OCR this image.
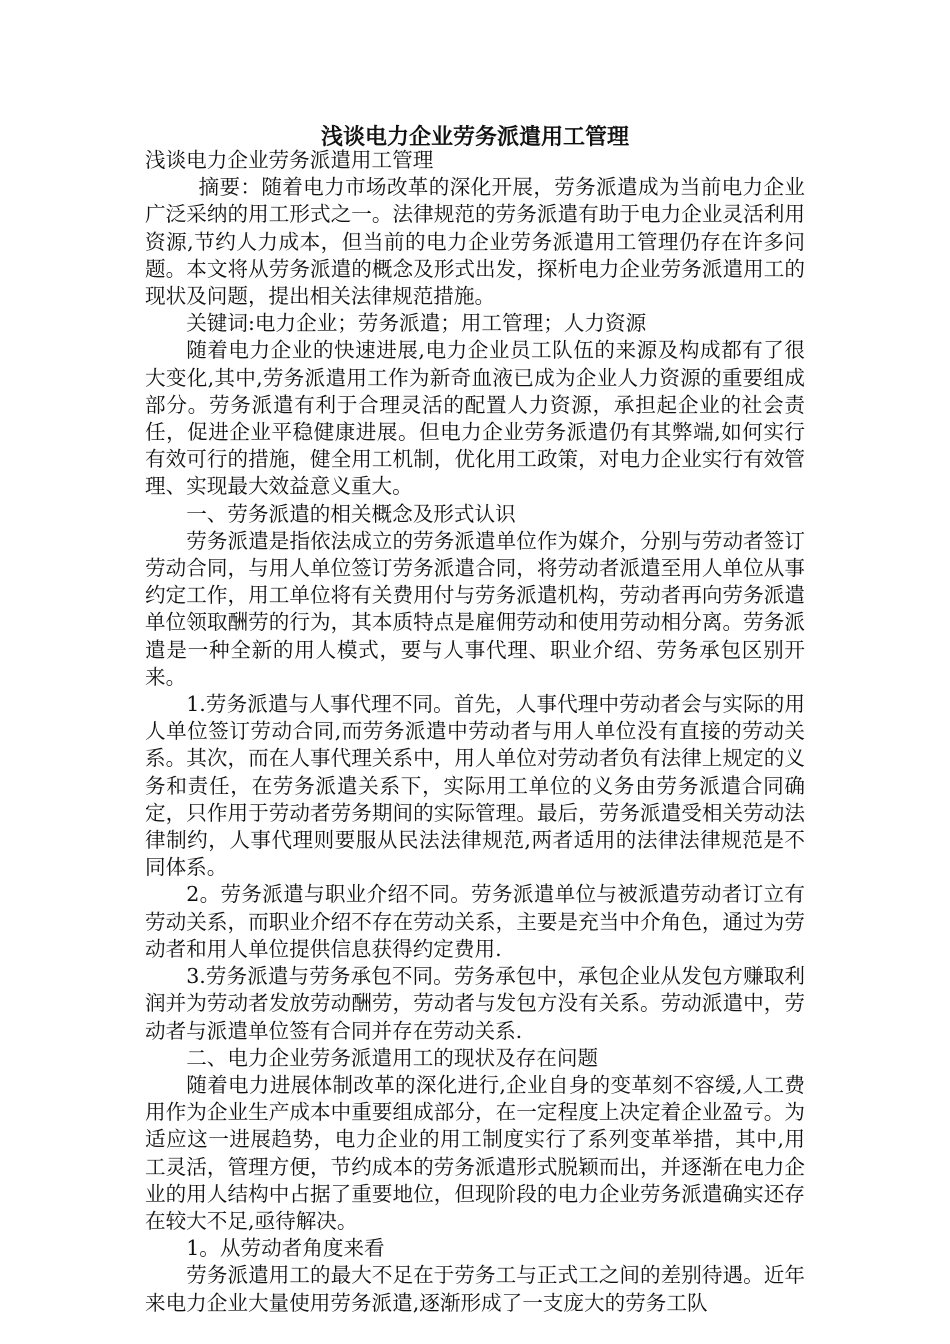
浅谈电力企业劳务派遣用工管理

浅谈电力企业劳务派遣用工管理

摘要：随着电力市场改革的深化开展，劳务派遣成为当前电力企业广泛采纳的用工形式之一。法律规范的劳务派遣有助于电力企业灵活利用资源,节约人力成本，但当前的电力企业劳务派遣用工管理仍存在许多问题。本文将从劳务派遣的概念及形式出发，探析电力企业劳务派遣用工的现状及问题，提出相关法律规范措施。

关键词:电力企业；劳务派遣；用工管理；人力资源

随着电力企业的快速进展,电力企业员工队伍的来源及构成都有了很大变化,其中,劳务派遣用工作为新奇血液已成为企业人力资源的重要组成部分。劳务派遣有利于合理灵活的配置人力资源，承担起企业的社会责任，促进企业平稳健康进展。但电力企业劳务派遣仍有其弊端,如何实行有效可行的措施，健全用工机制，优化用工政策，对电力企业实行有效管理、实现最大效益意义重大。

一、劳务派遣的相关概念及形式认识

劳务派遣是指依法成立的劳务派遣单位作为媒介，分别与劳动者签订劳动合同，与用人单位签订劳务派遣合同，将劳动者派遣至用人单位从事约定工作，用工单位将有关费用付与劳务派遣机构，劳动者再向劳务派遣单位领取酬劳的行为，其本质特点是雇佣劳动和使用劳动相分离。劳务派遣是一种全新的用人模式，要与人事代理、职业介绍、劳务承包区别开来。

1.劳务派遣与人事代理不同。首先，人事代理中劳动者会与实际的用人单位签订劳动合同,而劳务派遣中劳动者与用人单位没有直接的劳动关系。其次，而在人事代理关系中，用人单位对劳动者负有法律上规定的义务和责任，在劳务派遣关系下，实际用工单位的义务由劳务派遣合同确定，只作用于劳动者劳务期间的实际管理。最后，劳务派遣受相关劳动法律制约，人事代理则要服从民法法律规范,两者适用的法律法律规范是不同体系。

2。劳务派遣与职业介绍不同。劳务派遣单位与被派遣劳动者订立有劳动关系，而职业介绍不存在劳动关系，主要是充当中介角色，通过为劳动者和用人单位提供信息获得约定费用.

3.劳务派遣与劳务承包不同。劳务承包中，承包企业从发包方赚取利润并为劳动者发放劳动酬劳，劳动者与发包方没有关系。劳动派遣中，劳动者与派遣单位签有合同并存在劳动关系.

二、电力企业劳务派遣用工的现状及存在问题

随着电力进展体制改革的深化进行,企业自身的变革刻不容缓,人工费用作为企业生产成本中重要组成部分，在一定程度上决定着企业盈亏。为适应这一进展趋势，电力企业的用工制度实行了系列变革举措，其中,用工灵活，管理方便，节约成本的劳务派遣形式脱颖而出，并逐渐在电力企业的用人结构中占据了重要地位，但现阶段的电力企业劳务派遣确实还存在较大不足,亟待解决。

1。从劳动者角度来看

劳务派遣用工的最大不足在于劳务工与正式工之间的差别待遇。近年来电力企业大量使用劳务派遣,逐渐形成了一支庞大的劳务工队
